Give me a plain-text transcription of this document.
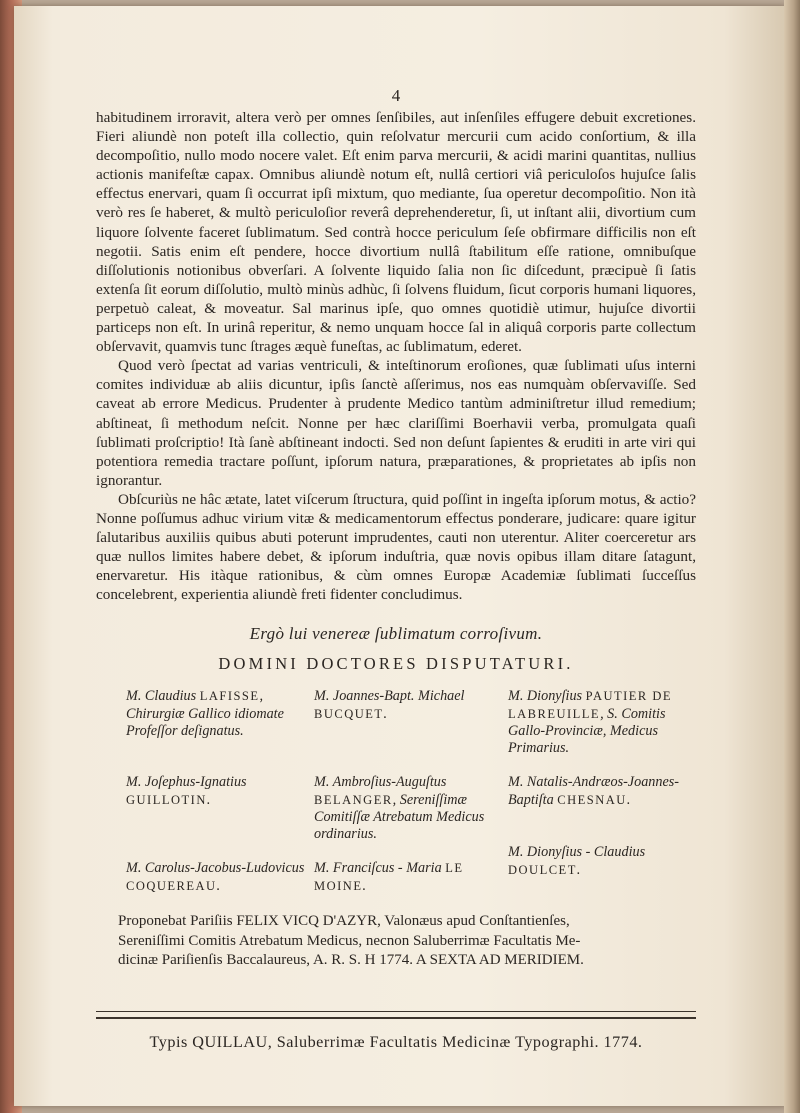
4

habitudinem irroravit, altera verò per omnes ſenſibiles, aut inſenſiles effugere debuit excretiones. Fieri aliundè non poteſt illa collectio, quin reſolvatur mercurii cum acido conſortium, & illa decompoſitio, nullo modo nocere valet. Eſt enim parva mercurii, & acidi marini quantitas, nullius actionis manifeſtæ capax. Omnibus aliundè notum eſt, nullâ certiori viâ periculoſos hujuſce ſalis effectus enervari, quam ſi occurrat ipſi mixtum, quo mediante, ſua operetur decompoſitio. Non ità verò res ſe haberet, & multò periculoſior reverâ deprehenderetur, ſi, ut inſtant alii, divortium cum liquore ſolvente faceret ſublimatum. Sed contrà hocce periculum ſeſe obfirmare difficilis non eſt negotii. Satis enim eſt pendere, hocce divortium nullâ ſtabilitum eſſe ratione, omnibuſque diſſolutionis notionibus obverſari. A ſolvente liquido ſalia non ſic diſcedunt, præcipuè ſi ſatis extenſa ſit eorum diſſolutio, multò minùs adhùc, ſi ſolvens fluidum, ſicut corporis humani liquores, perpetuò caleat, & moveatur. Sal marinus ipſe, quo omnes quotidiè utimur, hujuſce divortii particeps non eſt. In urinâ reperitur, & nemo unquam hocce ſal in aliquâ corporis parte collectum obſervavit, quamvis tunc ſtrages æquè funeſtas, ac ſublimatum, ederet.

Quod verò ſpectat ad varias ventriculi, & inteſtinorum eroſiones, quæ ſublimati uſus interni comites individuæ ab aliis dicuntur, ipſis ſanctè aſſerimus, nos eas numquàm obſervaviſſe. Sed caveat ab errore Medicus. Prudenter à prudente Medico tantùm adminiſtretur illud remedium; abſtineat, ſi methodum neſcit. Nonne per hæc clariſſimi Boerhavii verba, promulgata quaſi ſublimati proſcriptio! Ità ſanè abſtineant indocti. Sed non deſunt ſapientes & eruditi in arte viri qui potentiora remedia tractare poſſunt, ipſorum natura, præparationes, & proprietates ab ipſis non ignorantur.

Obſcuriùs ne hâc ætate, latet viſcerum ſtructura, quid poſſint in ingeſta ipſorum motus, & actio? Nonne poſſumus adhuc virium vitæ & medicamentorum effectus ponderare, judicare: quare igitur ſalutaribus auxiliis quibus abuti poterunt imprudentes, cauti non uterentur. Aliter coerceretur ars quæ nullos limites habere debet, & ipſorum induſtria, quæ novis opibus illam ditare ſatagunt, enervaretur. His itàque rationibus, & cùm omnes Europæ Academiæ ſublimati ſucceſſus concelebrent, experientia aliundè freti fidenter concludimus.

Ergò lui venereæ ſublimatum corroſivum.
DOMINI DOCTORES DISPUTATURI.
M. Claudius LAFISSE, Chirurgiæ Gallico idiomate Profeſſor deſignatus.
M. Joannes-Bapt. Michael BUCQUET.
M. Dionyſius PAUTIER DE LABREUILLE, S. Comitis Gallo-Provinciæ, Medicus Primarius.
M. Joſephus-Ignatius GUILLOTIN.
M. Ambroſius-Auguſtus BELANGER, Sereniſſimæ Comitiſſæ Atrebatum Medicus ordinarius.
M. Natalis-Andræos-Joannes-Baptiſta CHESNAU.
M. Dionyſius - Claudius DOULCET.
M. Carolus-Jacobus-Ludovicus COQUEREAU.
M. Franciſcus - Maria LE MOINE.
Proponebat Pariſiis FELIX VICQ D'AZYR, Valonæus apud Conſtantienſes,
Sereniſſimi Comitis Atrebatum Medicus, necnon Saluberrimæ Facultatis Me-
dicinæ Pariſienſis Baccalaureus, A. R. S. H 1774. A SEXTA AD MERIDIEM.
Typis QUILLAU, Saluberrimæ Facultatis Medicinæ Typographi. 1774.
